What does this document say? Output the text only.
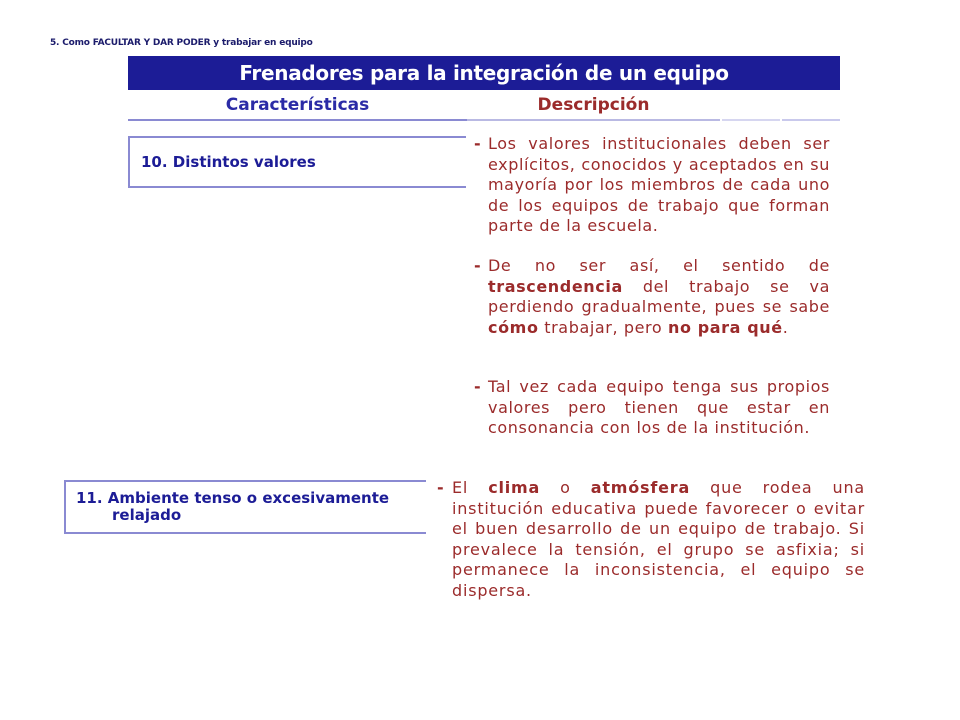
5. Como FACULTAR Y DAR PODER y trabajar en equipo
Frenadores para la integración de un equipo
Características	Descripción
10. Distintos valores
- Los valores institucionales deben ser explícitos, conocidos y aceptados en su mayoría por los miembros de cada uno de los equipos de trabajo que forman parte de la escuela.
- De no ser así, el sentido de trascendencia del trabajo se va perdiendo gradualmente, pues se sabe cómo trabajar, pero no para qué.
- Tal vez cada equipo tenga sus propios valores pero tienen que estar en consonancia con los de la institución.
11. Ambiente tenso o excesivamente
relajado
- El clima o atmósfera que rodea una institución educativa puede favorecer o evitar el buen desarrollo de un equipo de trabajo. Si prevalece la tensión, el grupo se asfixia; si permanece la inconsistencia, el equipo se dispersa.
